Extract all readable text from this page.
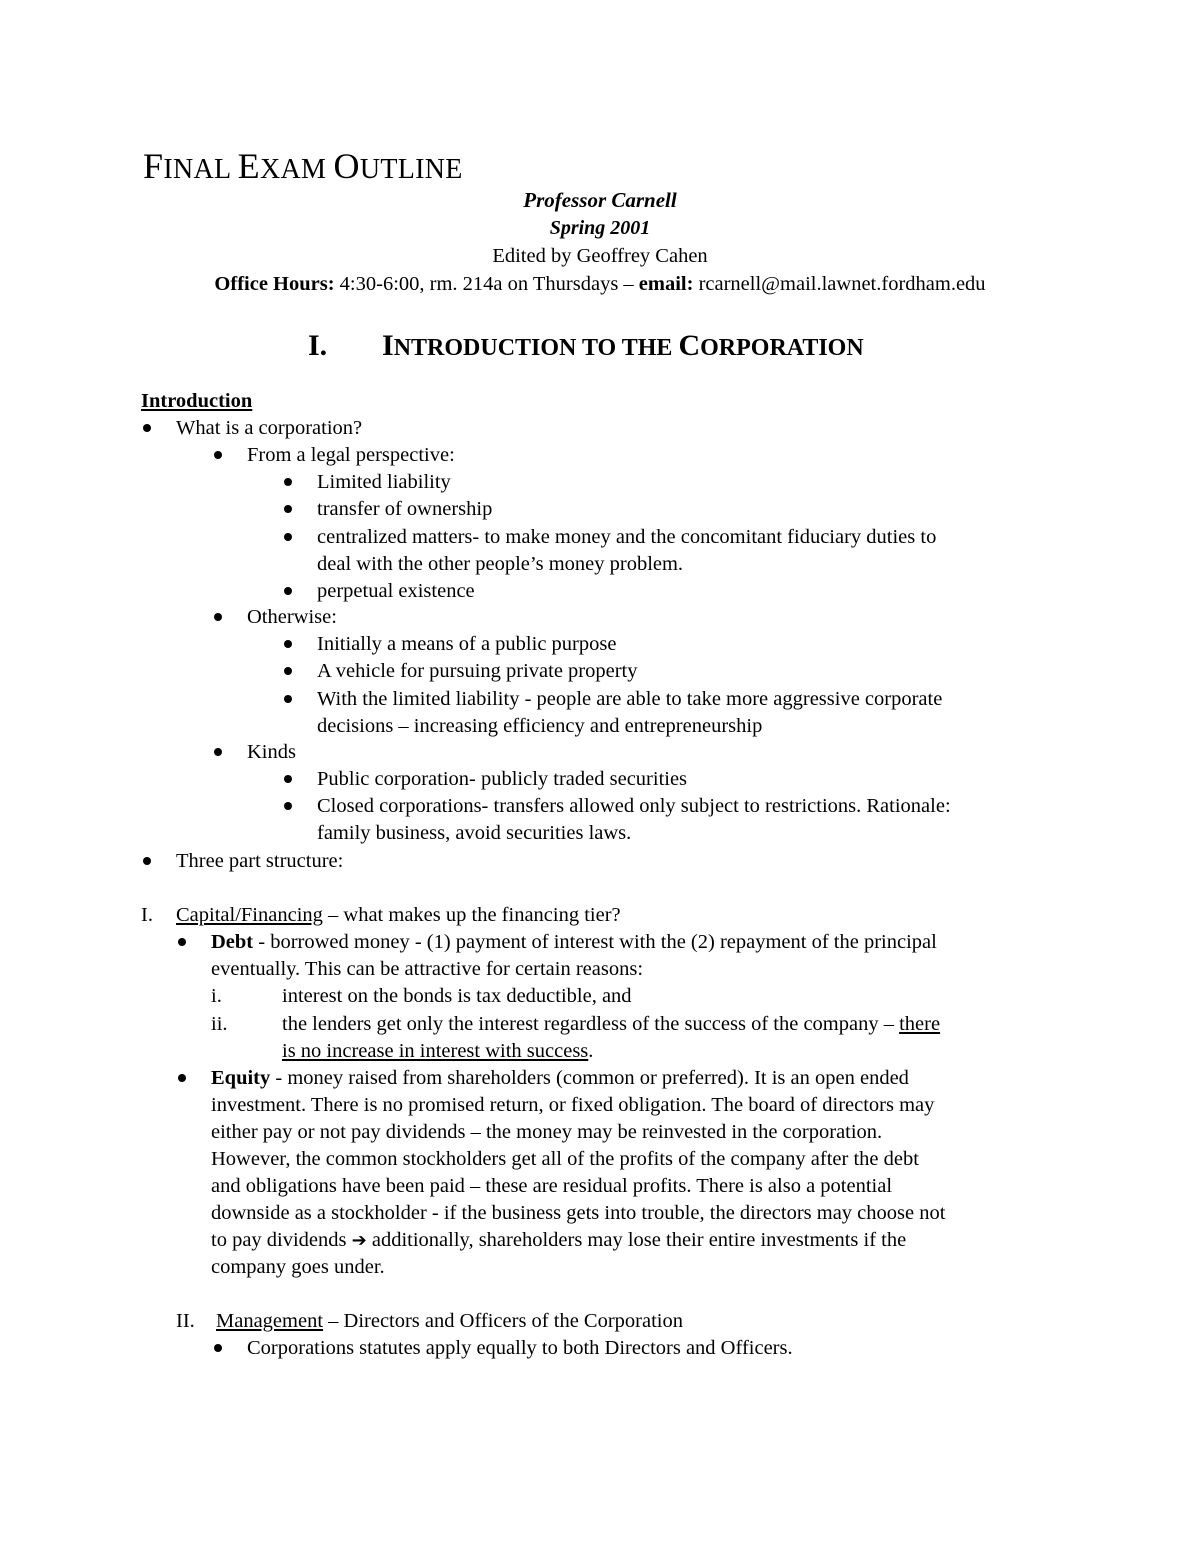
FINAL EXAM OUTLINE
Professor Carnell
Spring 2001
Edited by Geoffrey Cahen
Office Hours: 4:30-6:00, rm. 214a on Thursdays – email: rcarnell@mail.lawnet.fordham.edu
I. INTRODUCTION TO THE CORPORATION
Introduction
What is a corporation?
From a legal perspective:
Limited liability
transfer of ownership
centralized matters- to make money and the concomitant fiduciary duties to
deal with the other people’s money problem.
perpetual existence
Otherwise:
Initially a means of a public purpose
A vehicle for pursuing private property
With the limited liability - people are able to take more aggressive corporate
decisions – increasing efficiency and entrepreneurship
Kinds
Public corporation- publicly traded securities
Closed corporations- transfers allowed only subject to restrictions. Rationale:
family business, avoid securities laws.
Three part structure:
I. Capital/Financing – what makes up the financing tier?
Debt - borrowed money - (1) payment of interest with the (2) repayment of the principal
eventually. This can be attractive for certain reasons:
i.	interest on the bonds is tax deductible, and
ii.	the lenders get only the interest regardless of the success of the company – there
is no increase in interest with success.
Equity - money raised from shareholders (common or preferred). It is an open ended
investment. There is no promised return, or fixed obligation. The board of directors may
either pay or not pay dividends – the money may be reinvested in the corporation.
However, the common stockholders get all of the profits of the company after the debt
and obligations have been paid – these are residual profits. There is also a potential
downside as a stockholder - if the business gets into trouble, the directors may choose not
to pay dividends ➔ additionally, shareholders may lose their entire investments if the
company goes under.
II. Management – Directors and Officers of the Corporation
Corporations statutes apply equally to both Directors and Officers.
